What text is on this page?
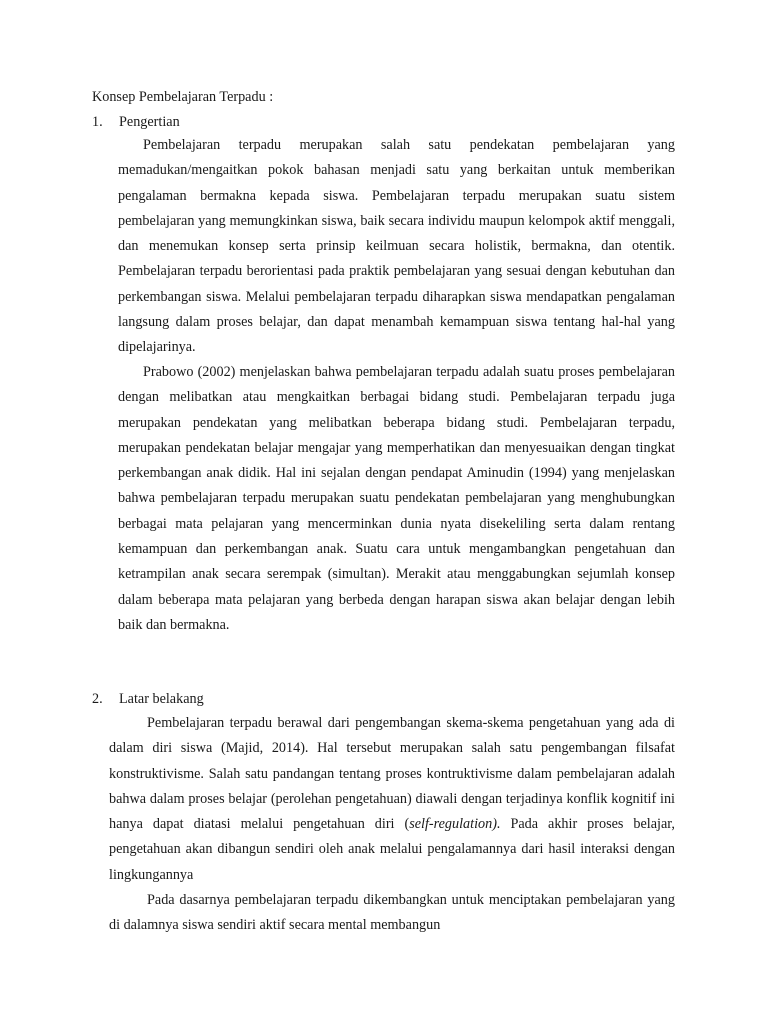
Konsep Pembelajaran Terpadu :

1. Pengertian

Pembelajaran terpadu merupakan salah satu pendekatan pembelajaran yang memadukan/mengaitkan pokok bahasan menjadi satu yang berkaitan untuk memberikan pengalaman bermakna kepada siswa. Pembelajaran terpadu merupakan suatu sistem pembelajaran yang memungkinkan siswa, baik secara individu maupun kelompok aktif menggali, dan menemukan konsep serta prinsip keilmuan secara holistik, bermakna, dan otentik. Pembelajaran terpadu berorientasi pada praktik pembelajaran yang sesuai dengan kebutuhan dan perkembangan siswa. Melalui pembelajaran terpadu diharapkan siswa mendapatkan pengalaman langsung dalam proses belajar, dan dapat menambah kemampuan siswa tentang hal-hal yang dipelajarinya.

Prabowo (2002) menjelaskan bahwa pembelajaran terpadu adalah suatu proses pembelajaran dengan melibatkan atau mengkaitkan berbagai bidang studi. Pembelajaran terpadu juga merupakan pendekatan yang melibatkan beberapa bidang studi. Pembelajaran terpadu, merupakan pendekatan belajar mengajar yang memperhatikan dan menyesuaikan dengan tingkat perkembangan anak didik. Hal ini sejalan dengan pendapat Aminudin (1994) yang menjelaskan bahwa pembelajaran terpadu merupakan suatu pendekatan pembelajaran yang menghubungkan berbagai mata pelajaran yang mencerminkan dunia nyata disekeliling serta dalam rentang kemampuan dan perkembangan anak. Suatu cara untuk mengambangkan pengetahuan dan ketrampilan anak secara serempak (simultan). Merakit atau menggabungkan sejumlah konsep dalam beberapa mata pelajaran yang berbeda dengan harapan siswa akan belajar dengan lebih baik dan bermakna.

2. Latar belakang

Pembelajaran terpadu berawal dari pengembangan skema-skema pengetahuan yang ada di dalam diri siswa (Majid, 2014). Hal tersebut merupakan salah satu pengembangan filsafat konstruktivisme. Salah satu pandangan tentang proses kontruktivisme dalam pembelajaran adalah bahwa dalam proses belajar (perolehan pengetahuan) diawali dengan terjadinya konflik kognitif ini hanya dapat diatasi melalui pengetahuan diri (self-regulation). Pada akhir proses belajar, pengetahuan akan dibangun sendiri oleh anak melalui pengalamannya dari hasil interaksi dengan lingkungannya

Pada dasarnya pembelajaran terpadu dikembangkan untuk menciptakan pembelajaran yang di dalamnya siswa sendiri aktif secara mental membangun
